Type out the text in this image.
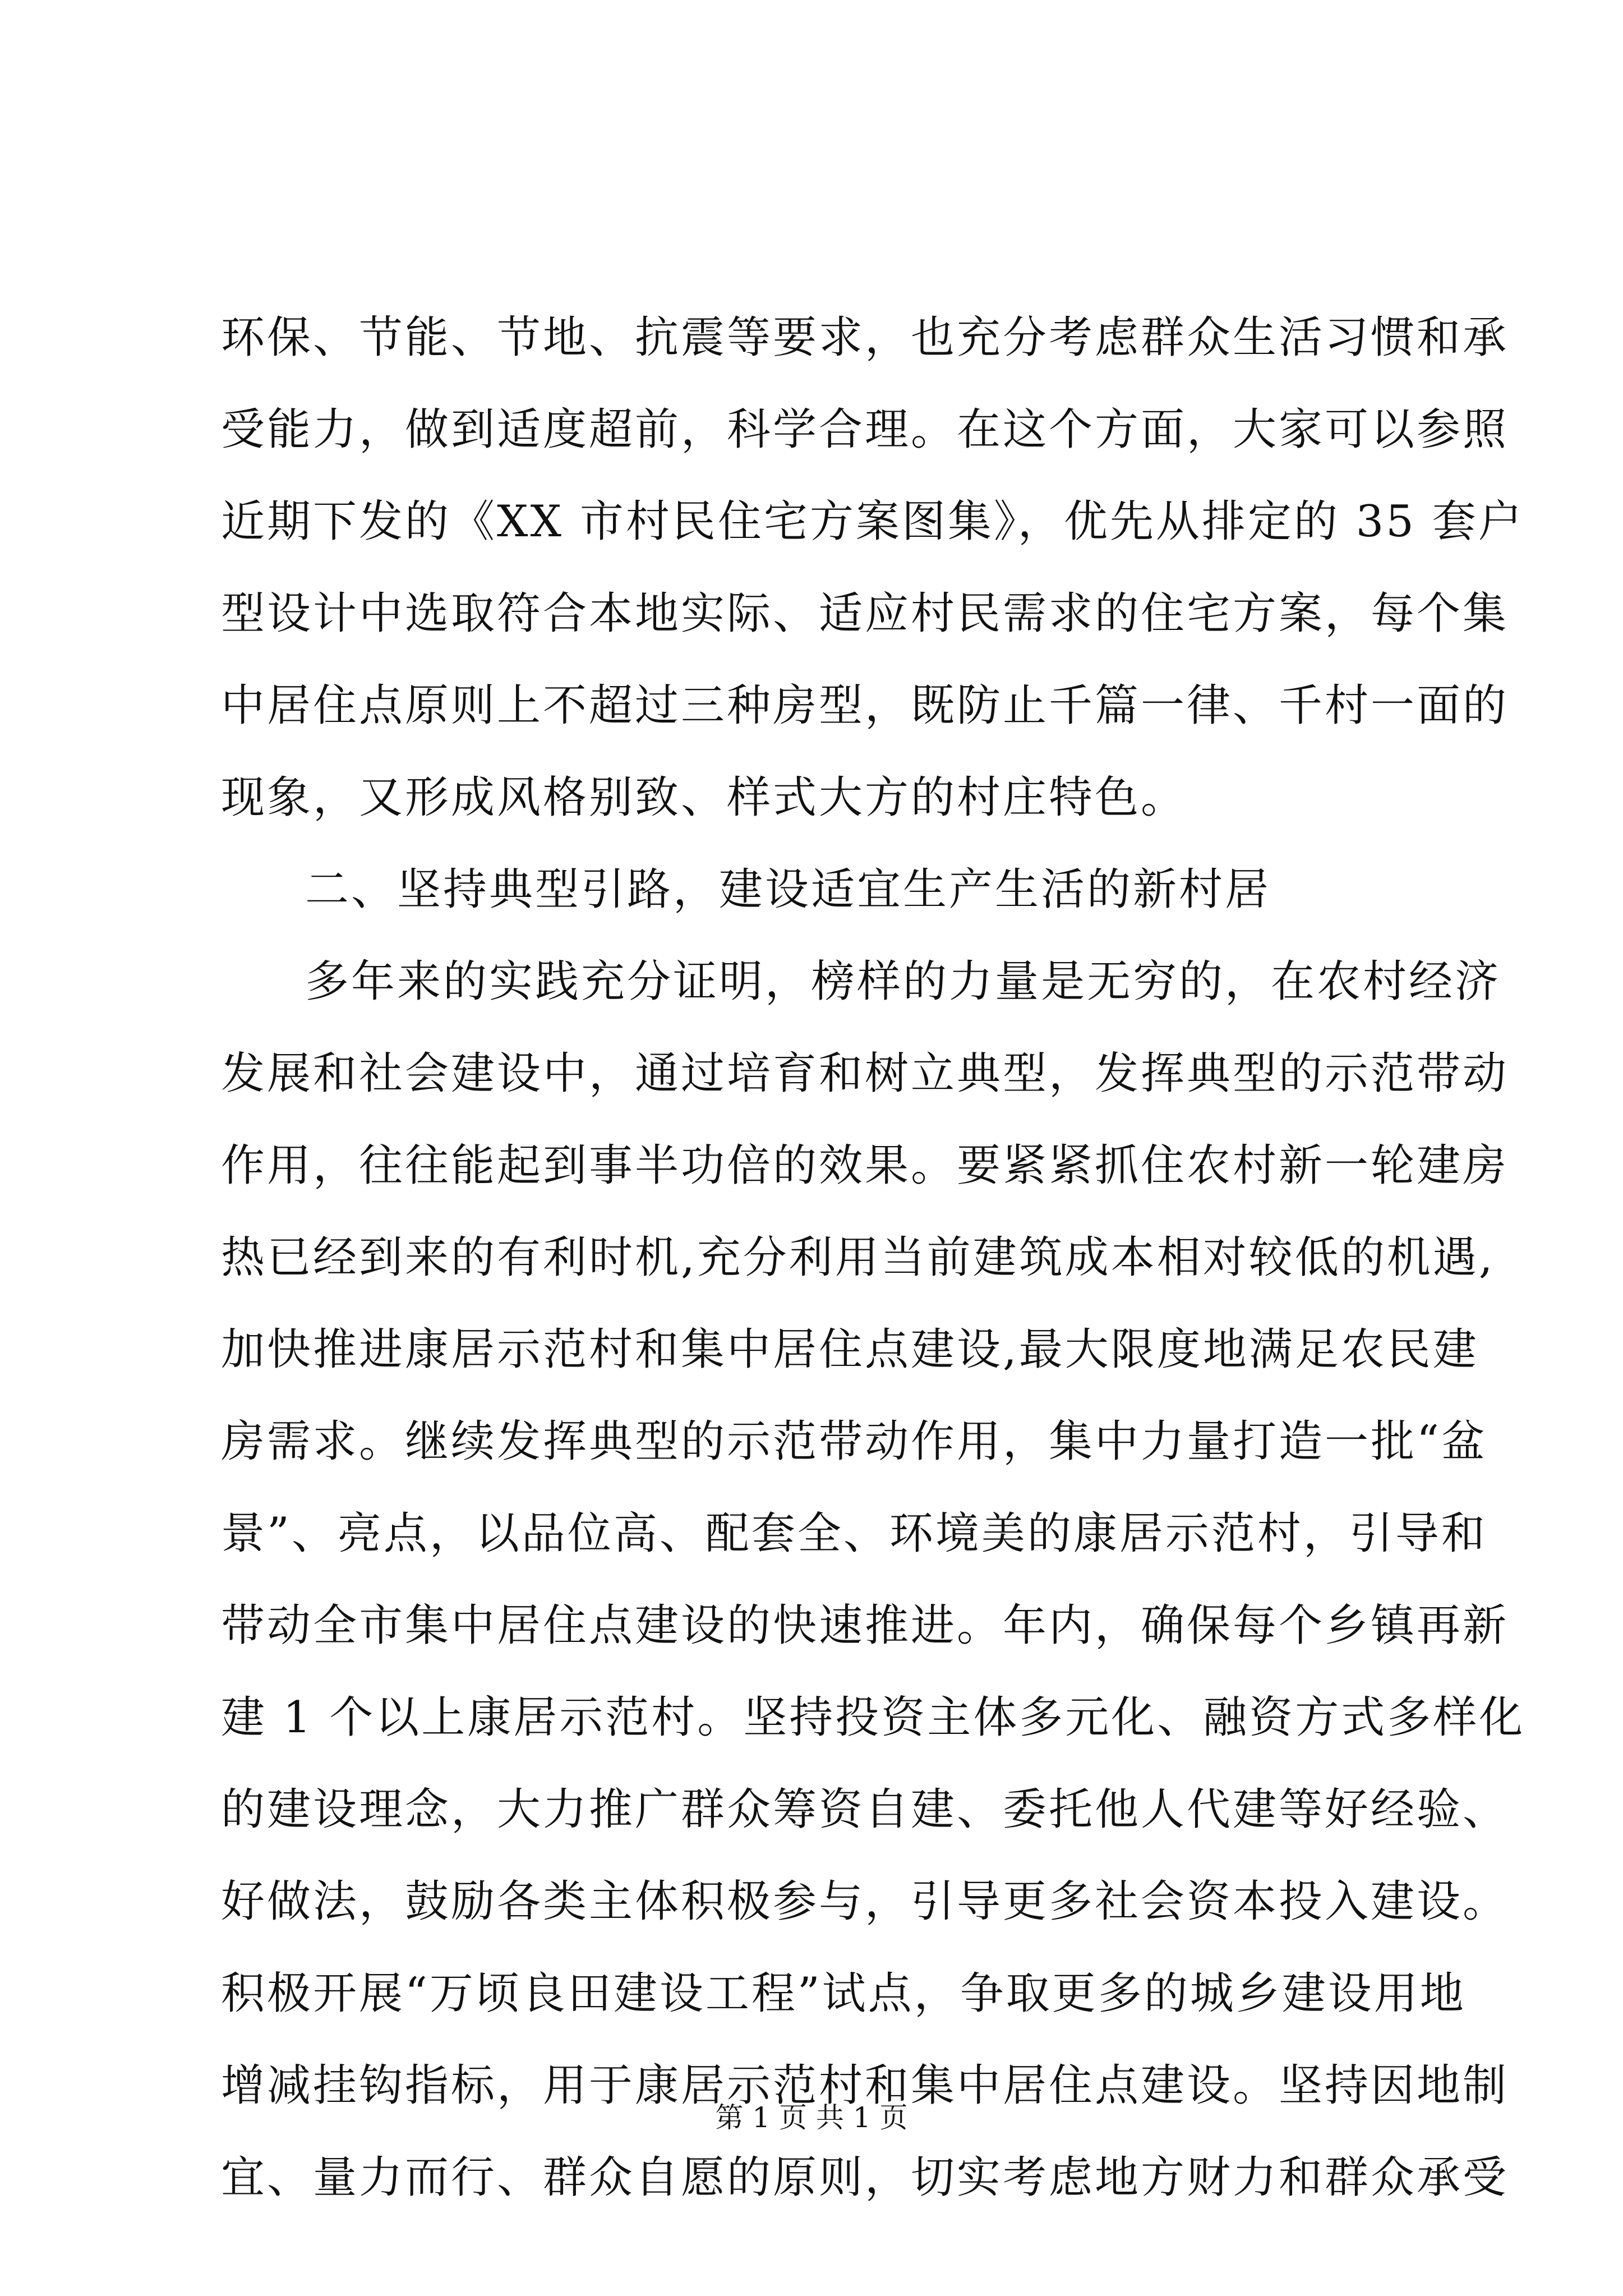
环保、节能、节地、抗震等要求，也充分考虑群众生活习惯和承
受能力，做到适度超前，科学合理。在这个方面，大家可以参照
近期下发的《XX 市村民住宅方案图集》，优先从排定的 35 套户
型设计中选取符合本地实际、适应村民需求的住宅方案，每个集
中居住点原则上不超过三种房型，既防止千篇一律、千村一面的
现象，又形成风格别致、样式大方的村庄特色。
二、坚持典型引路，建设适宜生产生活的新村居
多年来的实践充分证明，榜样的力量是无穷的，在农村经济
发展和社会建设中，通过培育和树立典型，发挥典型的示范带动
作用，往往能起到事半功倍的效果。要紧紧抓住农村新一轮建房
热已经到来的有利时机,充分利用当前建筑成本相对较低的机遇,
加快推进康居示范村和集中居住点建设,最大限度地满足农民建
房需求。继续发挥典型的示范带动作用，集中力量打造一批“盆
景”、亮点，以品位高、配套全、环境美的康居示范村，引导和
带动全市集中居住点建设的快速推进。年内，确保每个乡镇再新
建 1 个以上康居示范村。坚持投资主体多元化、融资方式多样化
的建设理念，大力推广群众筹资自建、委托他人代建等好经验、
好做法，鼓励各类主体积极参与，引导更多社会资本投入建设。
积极开展“万顷良田建设工程”试点，争取更多的城乡建设用地
增减挂钩指标，用于康居示范村和集中居住点建设。坚持因地制
宜、量力而行、群众自愿的原则，切实考虑地方财力和群众承受
第 1 页 共 1 页
